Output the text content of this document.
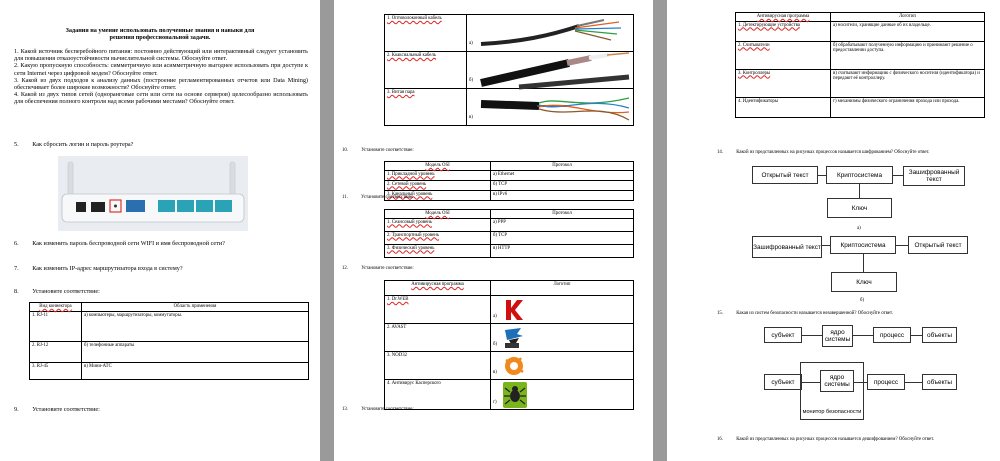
Задания на умение использовать полученные знания и навыки для
решения профессиональной задачи.
1. Какой источник бесперебойного питания: постоянно действующий или интерактивный следует установить для повышения отказоустойчивости вычислительной системы. Обоснуйте ответ.
2. Какую пропускную способность: симметричную или асимметричную выгоднее использовать при доступе к сети Internet через цифровой модем? Обоснуйте ответ.
3. Какой из двух подходов к анализу данных (построение регламентированных отчетов или Data Mining) обеспечивает более широкие возможности? Обоснуйте ответ.
4. Какой из двух типов сетей (одноранговые сети или сети на основе серверов) целесообразно использовать для обеспечения полного контроля над всеми рабочими местами? Обоснуйте ответ.
5. Как сбросить логин и пароль роутера?
6. Как изменить пароль беспроводной сети WIFI и имя беспроводной сети?
7. Как изменить IP-адрес маршрутизатора входа в систему?
8. Установите соответствие:
Вид коннектора	Область применения
1. RJ-11	а) компьютеры, маршрутизаторы, коммутаторы.
2. RJ-12	б) телефонные аппараты
3. RJ-45	в) Мини-АТС
9. Установите соответствие:
1. Оптоволоконный кабель	а)

2. Коаксиальный кабель	б)

3. Витая пара	в)
10.	Установите соответствие:
Модель OSI	Протокол
1. Прикладной уровень	а) Ethernet
2. Сетевой уровень	б) TCP
3. Канальный уровень	в) IPv6
11.	Установите соответствие:
Модель OSI	Протокол
1. Сеансовый уровень	а) PPP
2. Транспортный уровень	б) TCP
3. Физический уровень	в) HTTP
12.	Установите соответствие:
Антивирусная программа	Логотип
1. Dr.WEB	а)

2. AVAST	б)

3. NOD32	в)

4. Антивирус Касперского	г)
13.	Установите соответствие:
Антивирусная программа	Логотип
1. Детектирующие устройства	а) носители, хранящие данные об их владельце.
2. Считыватели	б) обрабатывают полученную информацию и принимают решение о предоставлении доступа.
3. Контроллеры	в) считывают информацию с физического носителя (идентификатора) и передают её контроллеру.
4. Идентификаторы	г) механизмы физического ограничения прохода или прохода.
14.	Какой из представленных на рисунках процессов называется шифрованием? Обоснуйте ответ.
Открытый текст	Криптосистема	Зашифрованный текст
Ключ
а)
Зашифрованный текст	Криптосистема	Открытый текст
Ключ
б)
15.	Какая из систем безопасности называется незавершенной? Обоснуйте ответ.
субъект	ядро системы
процесс	объекты
субъект
ядро системы	процесс	объекты
монитор безопасности
16.	Какой из представленных на рисунках процессов называется дешифрованием? Обоснуйте ответ.
